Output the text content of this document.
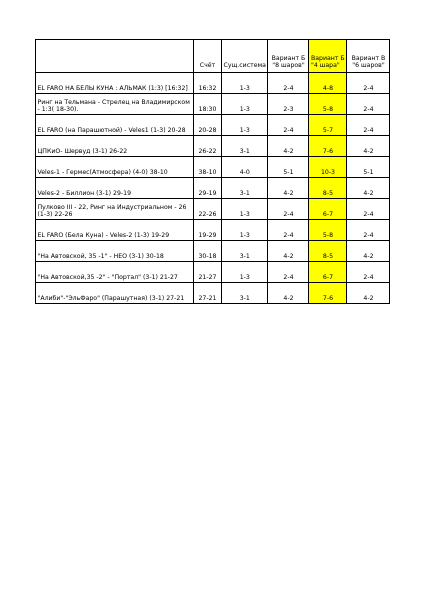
	Счёт	Сущ.система	Вариант Б "8 шаров"	Вариант Б "4 шара"	Вариант В "6 шаров"
EL FARO НА БЕЛЫ КУНА : АЛЬМАК (1:3) [16:32]	16:32	1-3	2-4	4-8	2-4
Ринг на Тельмана - Стрелец на Владимирском - 1:3( 18-30).	18:30	1-3	2-3	5-8	2-4
EL FARO (на Парашютной) - Veles1 (1-3) 20-28	20-28	1-3	2-4	5-7	2-4
ЦПКиО- Шервуд (3-1) 26-22	26-22	3-1	4-2	7-6	4-2
Veles-1 - Гермес(Атмосфера) (4-0) 38-10	38-10	4-0	5-1	10-3	5-1
Veles-2 - Биллион (3-1) 29-19	29-19	3-1	4-2	8-5	4-2
Пулково III - 22, Ринг на Индустриальном - 26 (1-3) 22-26	22-26	1-3	2-4	6-7	2-4
EL FARO (Бела Куна) - Veles-2 (1-3) 19-29	19-29	1-3	2-4	5-8	2-4
"На Автовской, 35 -1" - НЕО (3-1) 30-18	30-18	3-1	4-2	8-5	4-2
"На Автовской,35 -2" - "Портал" (3-1) 21-27	21-27	1-3	2-4	6-7	2-4
"Алиби"-"ЭльФаро" (Парашутная) (3-1) 27-21	27-21	3-1	4-2	7-6	4-2
